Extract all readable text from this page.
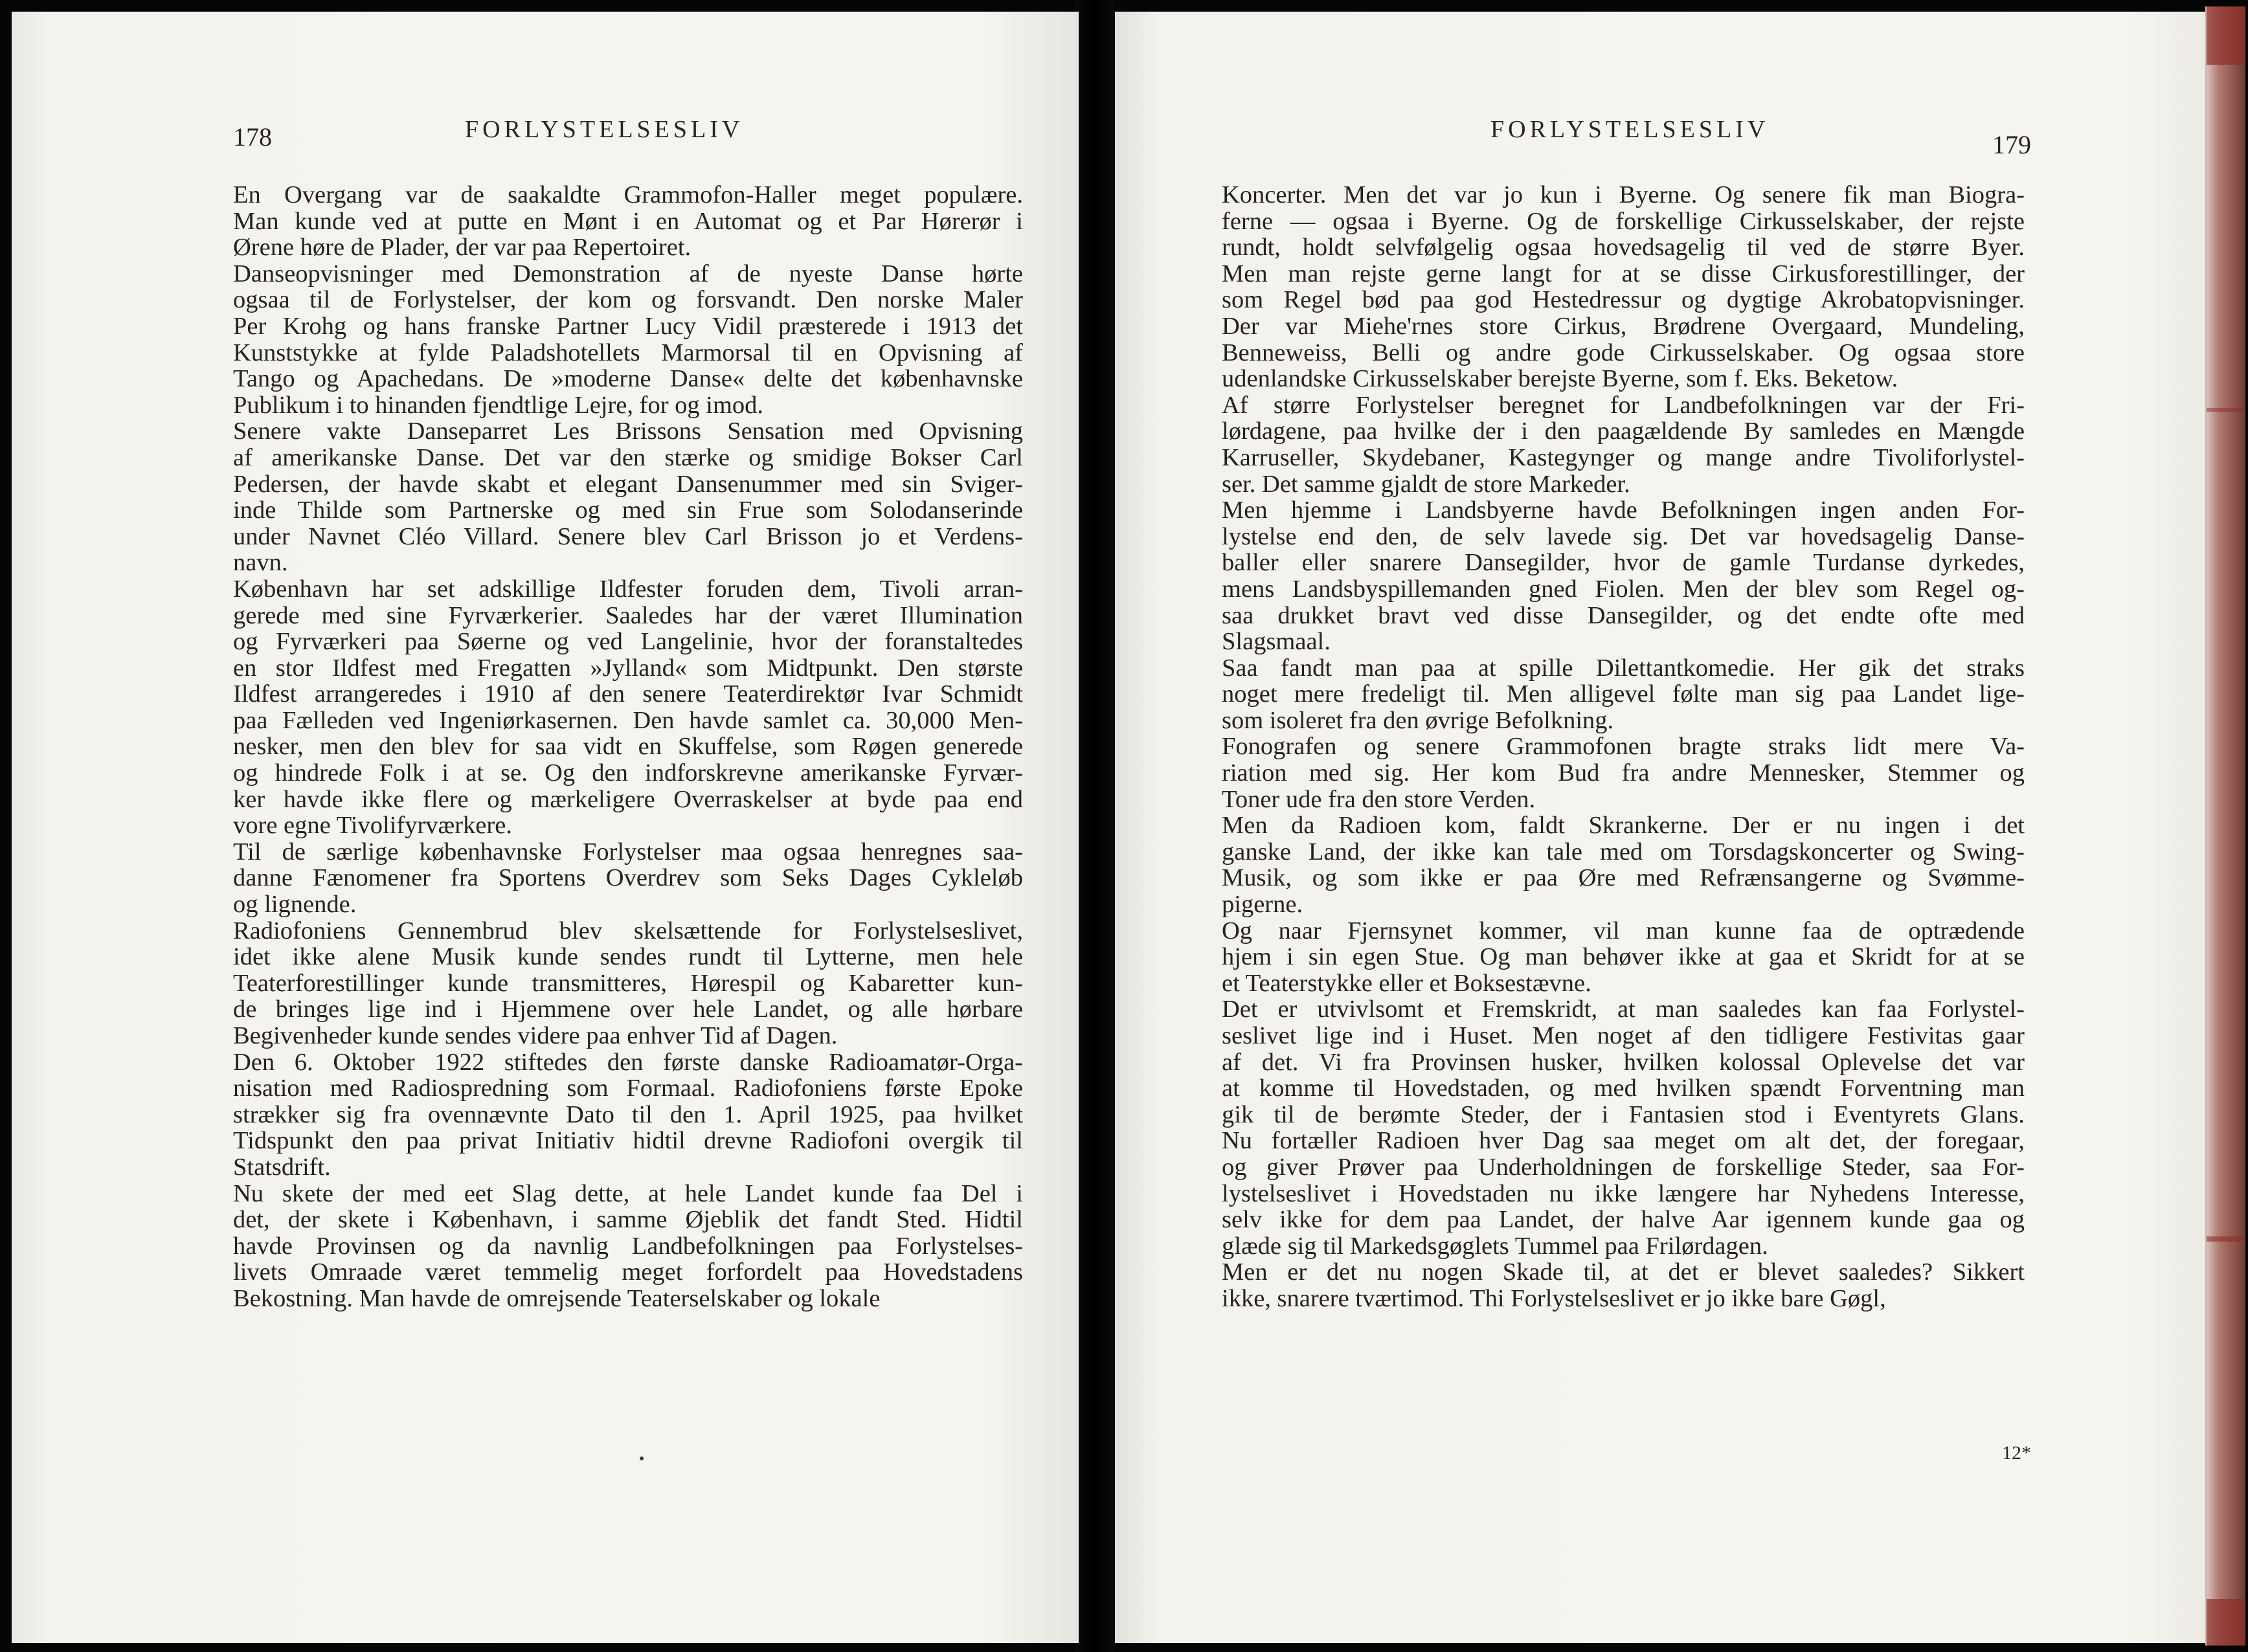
178	FORLYSTELSESLIV
En Overgang var de saakaldte Grammofon-Haller meget populære.
Man kunde ved at putte en Mønt i en Automat og et Par Hørerør i
Ørene høre de Plader, der var paa Repertoiret.
Danseopvisninger med Demonstration af de nyeste Danse hørte
ogsaa til de Forlystelser, der kom og forsvandt. Den norske Maler
Per Krohg og hans franske Partner Lucy Vidil præsterede i 1913 det
Kunststykke at fylde Paladshotellets Marmorsal til en Opvisning af
Tango og Apachedans. De »moderne Danse« delte det københavnske
Publikum i to hinanden fjendtlige Lejre, for og imod.
Senere vakte Danseparret Les Brissons Sensation med Opvisning
af amerikanske Danse. Det var den stærke og smidige Bokser Carl
Pedersen, der havde skabt et elegant Dansenummer med sin Sviger-
inde Thilde som Partnerske og med sin Frue som Solodanserinde
under Navnet Cléo Villard. Senere blev Carl Brisson jo et Verdens-
navn.
København har set adskillige Ildfester foruden dem, Tivoli arran-
gerede med sine Fyrværkerier. Saaledes har der været Illumination
og Fyrværkeri paa Søerne og ved Langelinie, hvor der foranstaltedes
en stor Ildfest med Fregatten »Jylland« som Midtpunkt. Den største
Ildfest arrangeredes i 1910 af den senere Teaterdirektør Ivar Schmidt
paa Fælleden ved Ingeniørkasernen. Den havde samlet ca. 30,000 Men-
nesker, men den blev for saa vidt en Skuffelse, som Røgen generede
og hindrede Folk i at se. Og den indforskrevne amerikanske Fyrvær-
ker havde ikke flere og mærkeligere Overraskelser at byde paa end
vore egne Tivolifyrværkere.
Til de særlige københavnske Forlystelser maa ogsaa henregnes saa-
danne Fænomener fra Sportens Overdrev som Seks Dages Cykleløb
og lignende.
Radiofoniens Gennembrud blev skelsættende for Forlystelseslivet,
idet ikke alene Musik kunde sendes rundt til Lytterne, men hele
Teaterforestillinger kunde transmitteres, Hørespil og Kabaretter kun-
de bringes lige ind i Hjemmene over hele Landet, og alle hørbare
Begivenheder kunde sendes videre paa enhver Tid af Dagen.
Den 6. Oktober 1922 stiftedes den første danske Radioamatør-Orga-
nisation med Radiospredning som Formaal. Radiofoniens første Epoke
strækker sig fra ovennævnte Dato til den 1. April 1925, paa hvilket
Tidspunkt den paa privat Initiativ hidtil drevne Radiofoni overgik til
Statsdrift.
Nu skete der med eet Slag dette, at hele Landet kunde faa Del i
det, der skete i København, i samme Øjeblik det fandt Sted. Hidtil
havde Provinsen og da navnlig Landbefolkningen paa Forlystelses-
livets Omraade været temmelig meget forfordelt paa Hovedstadens
Bekostning. Man havde de omrejsende Teaterselskaber og lokale
FORLYSTELSESLIV
179
Koncerter. Men det var jo kun i Byerne. Og senere fik man Biogra-
ferne — ogsaa i Byerne. Og de forskellige Cirkusselskaber, der rejste
rundt, holdt selvfølgelig ogsaa hovedsagelig til ved de større Byer.
Men man rejste gerne langt for at se disse Cirkusforestillinger, der
som Regel bød paa god Hestedressur og dygtige Akrobatopvisninger.
Der var Miehe'rnes store Cirkus, Brødrene Overgaard, Mundeling,
Benneweiss, Belli og andre gode Cirkusselskaber. Og ogsaa store
udenlandske Cirkusselskaber berejste Byerne, som f. Eks. Beketow.
Af større Forlystelser beregnet for Landbefolkningen var der Fri-
lørdagene, paa hvilke der i den paagældende By samledes en Mængde
Karruseller, Skydebaner, Kastegynger og mange andre Tivoliforlystel-
ser. Det samme gjaldt de store Markeder.
Men hjemme i Landsbyerne havde Befolkningen ingen anden For-
lystelse end den, de selv lavede sig. Det var hovedsagelig Danse-
baller eller snarere Dansegilder, hvor de gamle Turdanse dyrkedes,
mens Landsbyspillemanden gned Fiolen. Men der blev som Regel og-
saa drukket bravt ved disse Dansegilder, og det endte ofte med
Slagsmaal.
Saa fandt man paa at spille Dilettantkomedie. Her gik det straks
noget mere fredeligt til. Men alligevel følte man sig paa Landet lige-
som isoleret fra den øvrige Befolkning.
Fonografen og senere Grammofonen bragte straks lidt mere Va-
riation med sig. Her kom Bud fra andre Mennesker, Stemmer og
Toner ude fra den store Verden.
Men da Radioen kom, faldt Skrankerne. Der er nu ingen i det
ganske Land, der ikke kan tale med om Torsdagskoncerter og Swing-
Musik, og som ikke er paa Øre med Refrænsangerne og Svømme-
pigerne.
Og naar Fjernsynet kommer, vil man kunne faa de optrædende
hjem i sin egen Stue. Og man behøver ikke at gaa et Skridt for at se
et Teaterstykke eller et Boksestævne.
Det er utvivlsomt et Fremskridt, at man saaledes kan faa Forlystel-
seslivet lige ind i Huset. Men noget af den tidligere Festivitas gaar
af det. Vi fra Provinsen husker, hvilken kolossal Oplevelse det var
at komme til Hovedstaden, og med hvilken spændt Forventning man
gik til de berømte Steder, der i Fantasien stod i Eventyrets Glans.
Nu fortæller Radioen hver Dag saa meget om alt det, der foregaar,
og giver Prøver paa Underholdningen de forskellige Steder, saa For-
lystelseslivet i Hovedstaden nu ikke længere har Nyhedens Interesse,
selv ikke for dem paa Landet, der halve Aar igennem kunde gaa og
glæde sig til Markedsgøglets Tummel paa Frilørdagen.
Men er det nu nogen Skade til, at det er blevet saaledes? Sikkert
ikke, snarere tværtimod. Thi Forlystelseslivet er jo ikke bare Gøgl,
12*
